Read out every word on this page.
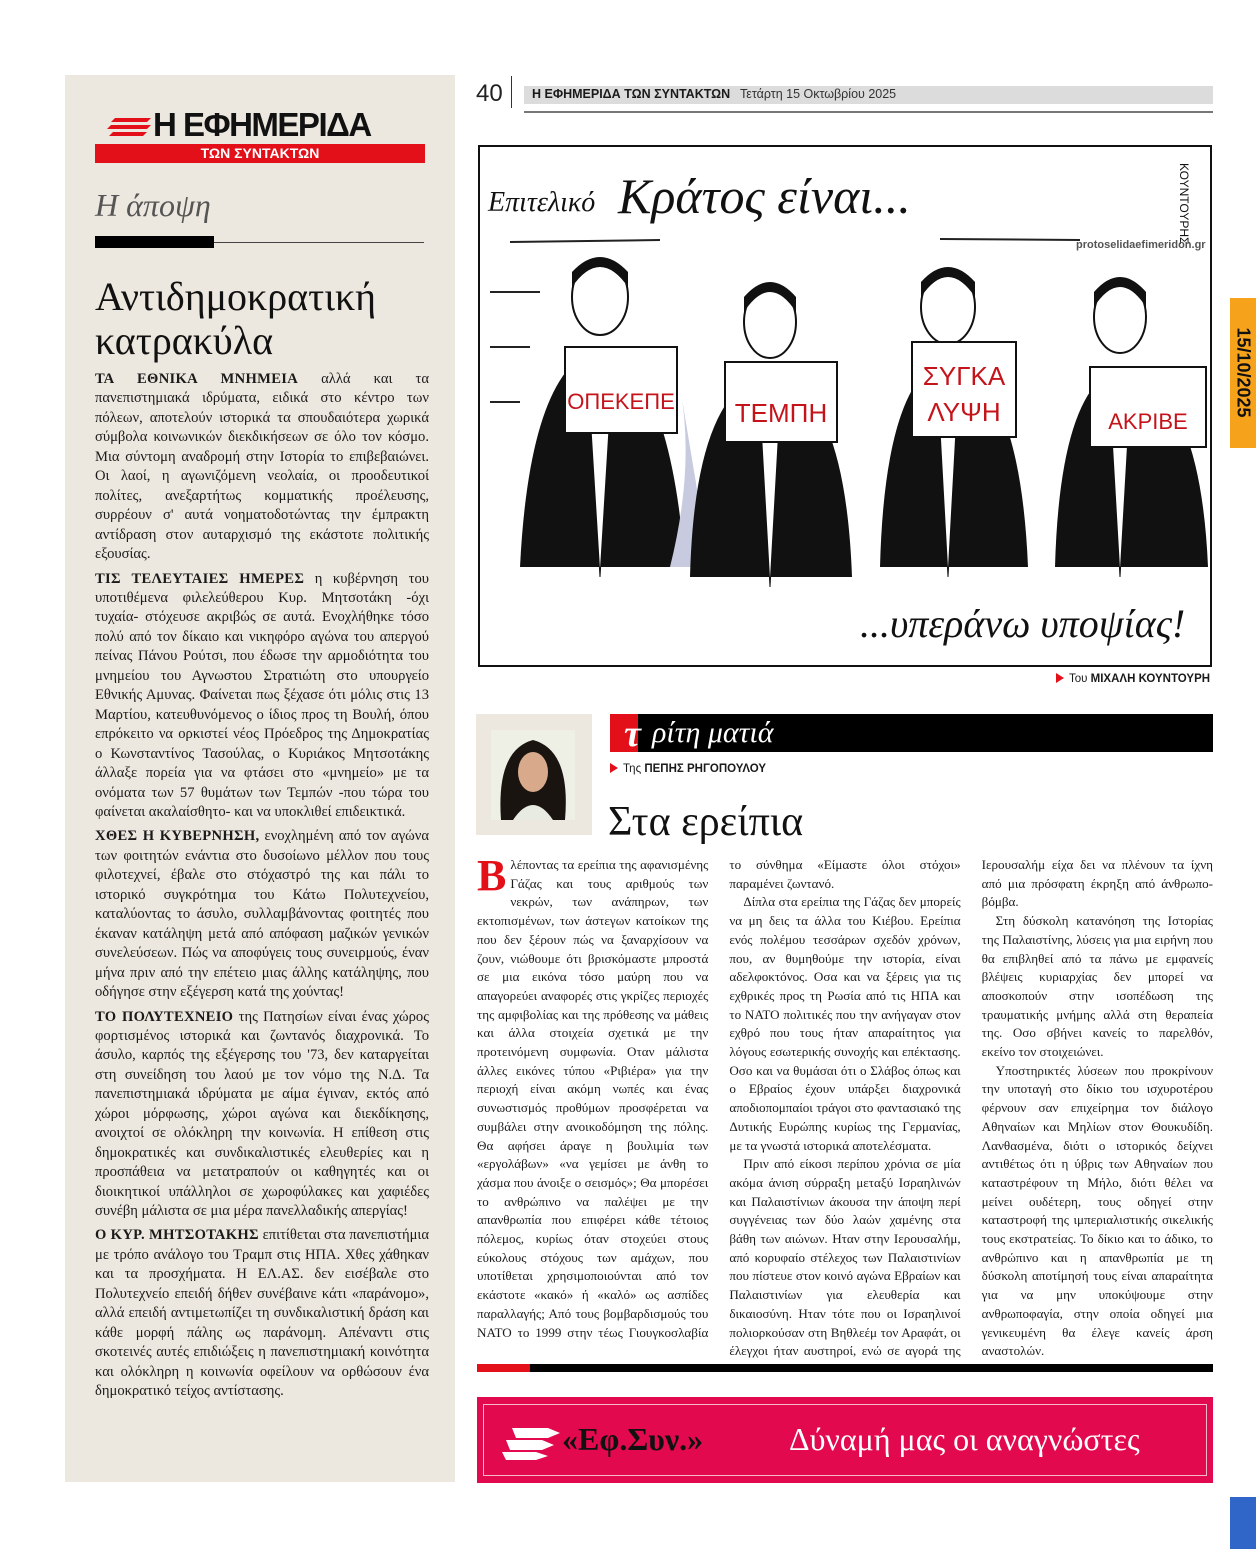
Η ΕΦΗΜΕΡΙΔΑ
ΤΩΝ ΣΥΝΤΑΚΤΩΝ
Η άποψη
Αντιδημοκρατική κατρακύλα

ΤΑ ΕΘΝΙΚΑ ΜΝΗΜΕΙΑ αλλά και τα πανεπιστημιακά ιδρύματα, ειδικά στο κέντρο των πόλεων, αποτελούν ιστορικά τα σπουδαιότερα χωρικά σύμβολα κοινωνικών διεκδικήσεων σε όλο τον κόσμο. Μια σύντομη αναδρομή στην Ιστορία το επιβεβαιώνει. Οι λαοί, η αγωνιζόμενη νεολαία, οι προοδευτικοί πολίτες, ανεξαρτήτως κομματικής προέλευσης, συρρέουν σ' αυτά νοηματοδοτώντας την έμπρακτη αντίδραση στον αυταρχισμό της εκάστοτε πολιτικής εξουσίας.

ΤΙΣ ΤΕΛΕΥΤΑΙΕΣ ΗΜΕΡΕΣ η κυβέρνηση του υποτιθέμενα φιλελεύθερου Κυρ. Μητσοτάκη -όχι τυχαία- στόχευσε ακριβώς σε αυτά. Ενοχλήθηκε τόσο πολύ από τον δίκαιο και νικηφόρο αγώνα του απεργού πείνας Πάνου Ρούτσι, που έδωσε την αρμοδιότητα του μνημείου του Αγνωστου Στρατιώτη στο υπουργείο Εθνικής Αμυνας. Φαίνεται πως ξέχασε ότι μόλις στις 13 Μαρτίου, κατευθυνόμενος ο ίδιος προς τη Βουλή, όπου επρόκειτο να ορκιστεί νέος Πρόεδρος της Δημοκρατίας ο Κωνσταντίνος Τασούλας, ο Κυριάκος Μητσοτάκης άλλαξε πορεία για να φτάσει στο «μνημείο» με τα ονόματα των 57 θυμάτων των Τεμπών -που τώρα του φαίνεται ακαλαίσθητο- και να υποκλιθεί επιδεικτικά.

ΧΘΕΣ Η ΚΥΒΕΡΝΗΣΗ, ενοχλημένη από τον αγώνα των φοιτητών ενάντια στο δυσοίωνο μέλλον που τους φιλοτεχνεί, έβαλε στο στόχαστρό της και πάλι το ιστορικό συγκρότημα του Κάτω Πολυτεχνείου, καταλύοντας το άσυλο, συλλαμβάνοντας φοιτητές που έκαναν κατάληψη μετά από απόφαση μαζικών γενικών συνελεύσεων. Πώς να αποφύγεις τους συνειρμούς, έναν μήνα πριν από την επέτειο μιας άλλης κατάληψης, που οδήγησε στην εξέγερση κατά της χούντας!

ΤΟ ΠΟΛΥΤΕΧΝΕΙΟ της Πατησίων είναι ένας χώρος φορτισμένος ιστορικά και ζωντανός διαχρονικά. Το άσυλο, καρπός της εξέγερσης του '73, δεν καταργείται στη συνείδηση του λαού με τον νόμο της Ν.Δ. Τα πανεπιστημιακά ιδρύματα με αίμα έγιναν, εκτός από χώροι μόρφωσης, χώροι αγώνα και διεκδίκησης, ανοιχτοί σε ολόκληρη την κοινωνία. Η επίθεση στις δημοκρατικές και συνδικαλιστικές ελευθερίες και η προσπάθεια να μετατραπούν οι καθηγητές και οι διοικητικοί υπάλληλοι σε χωροφύλακες και χαφιέδες συνέβη μάλιστα σε μια μέρα πανελλαδικής απεργίας!

Ο ΚΥΡ. ΜΗΤΣΟΤΑΚΗΣ επιτίθεται στα πανεπιστήμια με τρόπο ανάλογο του Τραμπ στις ΗΠΑ. Χθες χάθηκαν και τα προσχήματα. Η ΕΛ.ΑΣ. δεν εισέβαλε στο Πολυτεχνείο επειδή δήθεν συνέβαινε κάτι «παράνομο», αλλά επειδή αντιμετωπίζει τη συνδικαλιστική δράση και κάθε μορφή πάλης ως παράνομη. Απέναντι στις σκοτεινές αυτές επιδιώξεις η πανεπιστημιακή κοινότητα και ολόκληρη η κοινωνία οφείλουν να ορθώσουν ένα δημοκρατικό τείχος αντίστασης.

40 Η ΕΦΗΜΕΡΙΔΑ ΤΩΝ ΣΥΝΤΑΚΤΩΝ Τετάρτη 15 Οκτωβρίου 2025
Επιτελικό Κράτος είναι...	ΚΟΥΝΤΟΥΡΗΣ
ΟΠΕΚΕΠΕ ΤΕΜΠΗ
ΣΥΓΚΑ
ΛΥΨΗ	ΑΚΡΙΒΕ
...υπεράνω υποψίας!
protoselidaefimeridon.gr
Του ΜΙΧΑΛΗ ΚΟΥΝΤΟΥΡΗ
τ ρίτη ματιά
Της ΠΕΠΗΣ ΡΗΓΟΠΟΥΛΟΥ
Στα ερείπια

Βλέποντας τα ερείπια της αφανισμένης Γάζας και τους αριθμούς των νεκρών, των ανάπηρων, των εκτοπισμένων, των άστεγων κατοίκων της που δεν ξέρουν πώς να ξαναρχίσουν να ζουν, νιώθουμε ότι βρισκόμαστε μπροστά σε μια εικόνα τόσο μαύρη που να απαγορεύει αναφορές στις γκρίζες περιοχές της αμφιβολίας και της πρόθεσης να μάθεις και άλλα στοιχεία σχετικά με την προτεινόμενη συμφωνία. Οταν μάλιστα άλλες εικόνες τύπου «Ριβιέρα» για την περιοχή είναι ακόμη νωπές και ένας συνωστισμός προθύμων προσφέρεται να συμβάλει στην ανοικοδόμηση της πόλης. Θα αφήσει άραγε η βουλιμία των «εργολάβων» «να γεμίσει με άνθη το χάσμα που άνοιξε ο σεισμός»; Θα μπορέσει το ανθρώπινο να παλέψει με την απανθρωπία που επιφέρει κάθε τέτοιος πόλεμος, κυρίως όταν στοχεύει στους εύκολους στόχους των αμάχων, που υποτίθεται χρησιμοποιούνται από τον εκάστοτε «κακό» ή «καλό» ως ασπίδες παραλλαγής; Από τους βομβαρδισμούς του ΝΑΤΟ το 1999 στην τέως Γιουγκοσλαβία το σύνθημα «Είμαστε όλοι στόχοι» παραμένει ζωντανό.

Δίπλα στα ερείπια της Γάζας δεν μπορείς να μη δεις τα άλλα του Κιέβου. Ερείπια ενός πολέμου τεσσάρων σχεδόν χρόνων, που, αν θυμηθούμε την ιστορία, είναι αδελφοκτόνος. Οσα και να ξέρεις για τις εχθρικές προς τη Ρωσία από τις ΗΠΑ και το ΝΑΤΟ πολιτικές που την ανήγαγαν στον εχθρό που τους ήταν απαραίτητος για λόγους εσωτερικής συνοχής και επέκτασης. Οσο και να θυμάσαι ότι ο Σλάβος όπως και ο Εβραίος έχουν υπάρξει διαχρονικά αποδιοπομπαίοι τράγοι στο φαντασιακό της Δυτικής Ευρώπης κυρίως της Γερμανίας, με τα γνωστά ιστορικά αποτελέσματα.

Πριν από είκοσι περίπου χρόνια σε μία ακόμα άνιση σύρραξη μεταξύ Ισραηλινών και Παλαιστίνιων άκουσα την άποψη περί συγγένειας των δύο λαών χαμένης στα βάθη των αιώνων. Ηταν στην Ιερουσαλήμ, από κορυφαίο στέλεχος των Παλαιστινίων που πίστευε στον κοινό αγώνα Εβραίων και Παλαιστινίων για ελευθερία και δικαιοσύνη. Ηταν τότε που οι Ισραηλινοί πολιορκούσαν στη Βηθλεέμ τον Αραφάτ, οι έλεγχοι ήταν αυστηροί, ενώ σε αγορά της Ιερουσαλήμ είχα δει να πλένουν τα ίχνη από μια πρόσφατη έκρηξη από άνθρωπο-βόμβα.

Στη δύσκολη κατανόηση της Ιστορίας της Παλαιστίνης, λύσεις για μια ειρήνη που θα επιβληθεί από τα πάνω με εμφανείς βλέψεις κυριαρχίας δεν μπορεί να αποσκοπούν στην ισοπέδωση της τραυματικής μνήμης αλλά στη θεραπεία της. Οσο σβήνει κανείς το παρελθόν, εκείνο τον στοιχειώνει.

Υποστηρικτές λύσεων που προκρίνουν την υποταγή στο δίκιο του ισχυροτέρου φέρνουν σαν επιχείρημα τον διάλογο Αθηναίων και Μηλίων στον Θουκυδίδη. Λανθασμένα, διότι ο ιστορικός δείχνει αντιθέτως ότι η ύβρις των Αθηναίων που καταστρέφουν τη Μήλο, διότι θέλει να μείνει ουδέτερη, τους οδηγεί στην καταστροφή της ιμπεριαλιστικής σικελικής τους εκστρατείας. Το δίκιο και το άδικο, το ανθρώπινο και η απανθρωπία με τη δύσκολη αποτίμησή τους είναι απαραίτητα για να μην υποκύψουμε στην ανθρωποφαγία, στην οποία οδηγεί μια γενικευμένη θα έλεγε κανείς άρση αναστολών.

«Εφ.Συν.»	Δύναμή μας οι αναγνώστες
15/10/2025
